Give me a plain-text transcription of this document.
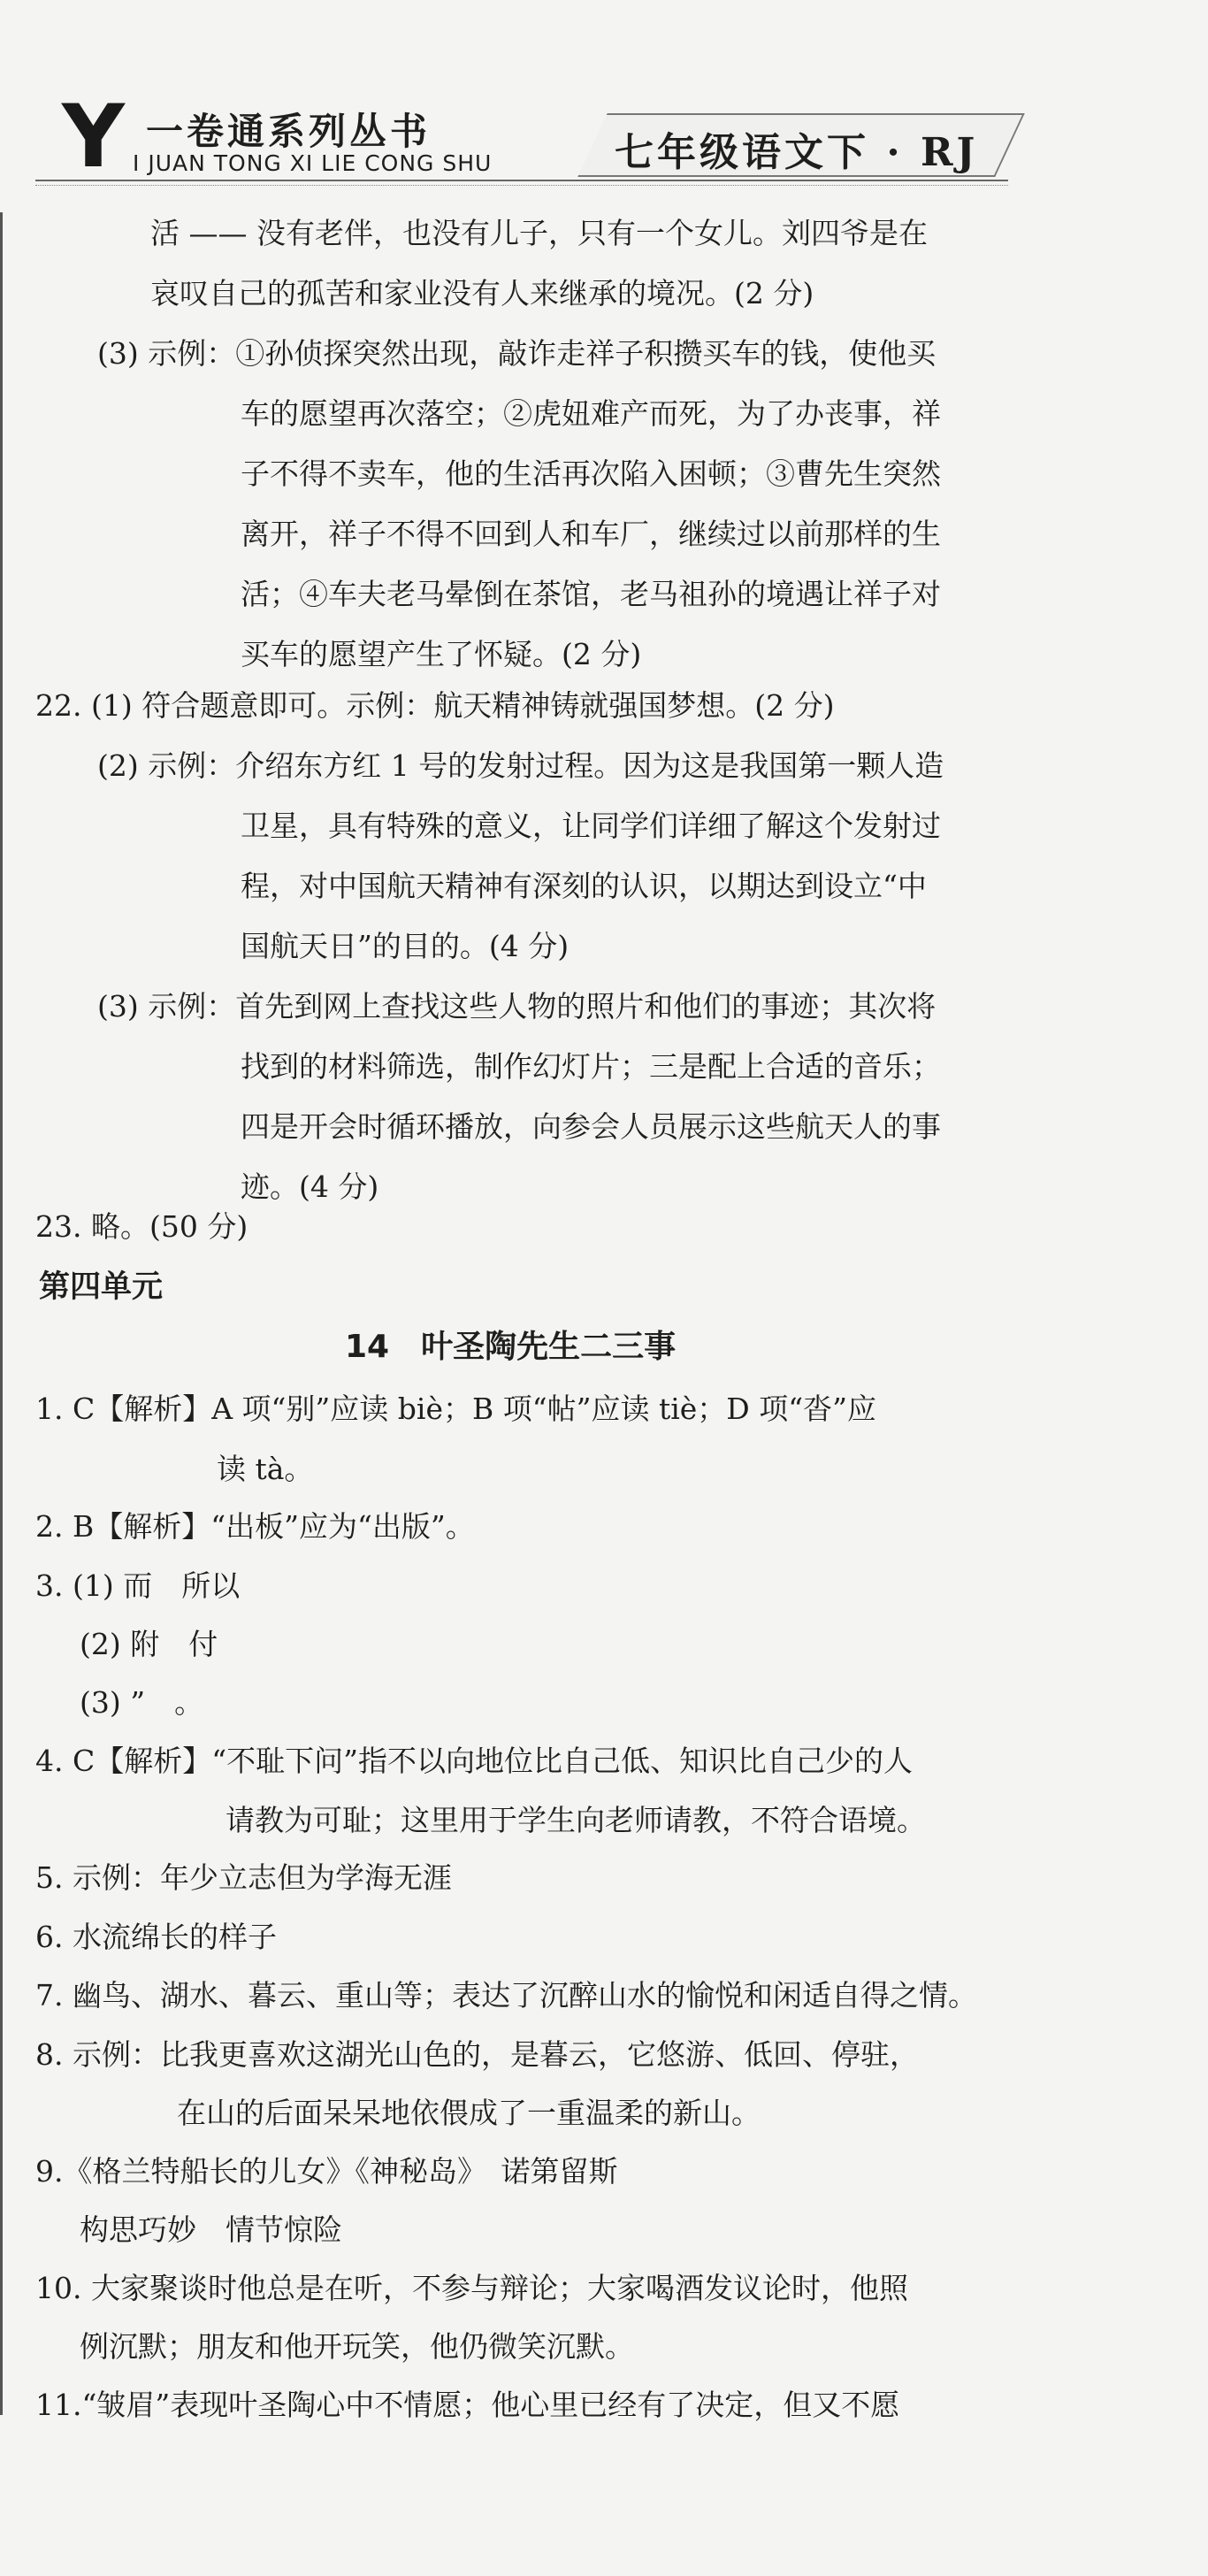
Y 一卷通系列丛书
I JUAN TONG XI LIE CONG SHU	七年级语文下 · RJ
活 —— 没有老伴，也没有儿子，只有一个女儿。刘四爷是在
哀叹自己的孤苦和家业没有人来继承的境况。(2 分)
(3) 示例：①孙侦探突然出现，敲诈走祥子积攒买车的钱，使他买
车的愿望再次落空；②虎妞难产而死，为了办丧事，祥
子不得不卖车，他的生活再次陷入困顿；③曹先生突然
离开，祥子不得不回到人和车厂，继续过以前那样的生
活；④车夫老马晕倒在茶馆，老马祖孙的境遇让祥子对
买车的愿望产生了怀疑。(2 分)
22. (1) 符合题意即可。示例：航天精神铸就强国梦想。(2 分)
(2) 示例：介绍东方红 1 号的发射过程。因为这是我国第一颗人造
卫星，具有特殊的意义，让同学们详细了解这个发射过
程，对中国航天精神有深刻的认识，以期达到设立“中
国航天日”的目的。(4 分)
(3) 示例：首先到网上查找这些人物的照片和他们的事迹；其次将
找到的材料筛选，制作幻灯片；三是配上合适的音乐；
四是开会时循环播放，向参会人员展示这些航天人的事
迹。(4 分)
23. 略。(50 分)
第四单元
14　叶圣陶先生二三事
1. C【解析】A 项“别”应读 biè；B 项“帖”应读 tiè；D 项“沓”应
读 tà。
2. B【解析】“出板”应为“出版”。
3. (1) 而　所以
(2) 附　付
(3) ”　。
4. C【解析】“不耻下问”指不以向地位比自己低、知识比自己少的人
请教为可耻；这里用于学生向老师请教，不符合语境。
5. 示例：年少立志但为学海无涯
6. 水流绵长的样子
7. 幽鸟、湖水、暮云、重山等；表达了沉醉山水的愉悦和闲适自得之情。
8. 示例：比我更喜欢这湖光山色的，是暮云，它悠游、低回、停驻，
在山的后面呆呆地依偎成了一重温柔的新山。
9.《格兰特船长的儿女》《神秘岛》　诺第留斯
构思巧妙　情节惊险
10. 大家聚谈时他总是在听，不参与辩论；大家喝酒发议论时，他照
例沉默；朋友和他开玩笑，他仍微笑沉默。
11.“皱眉”表现叶圣陶心中不情愿；他心里已经有了决定，但又不愿
